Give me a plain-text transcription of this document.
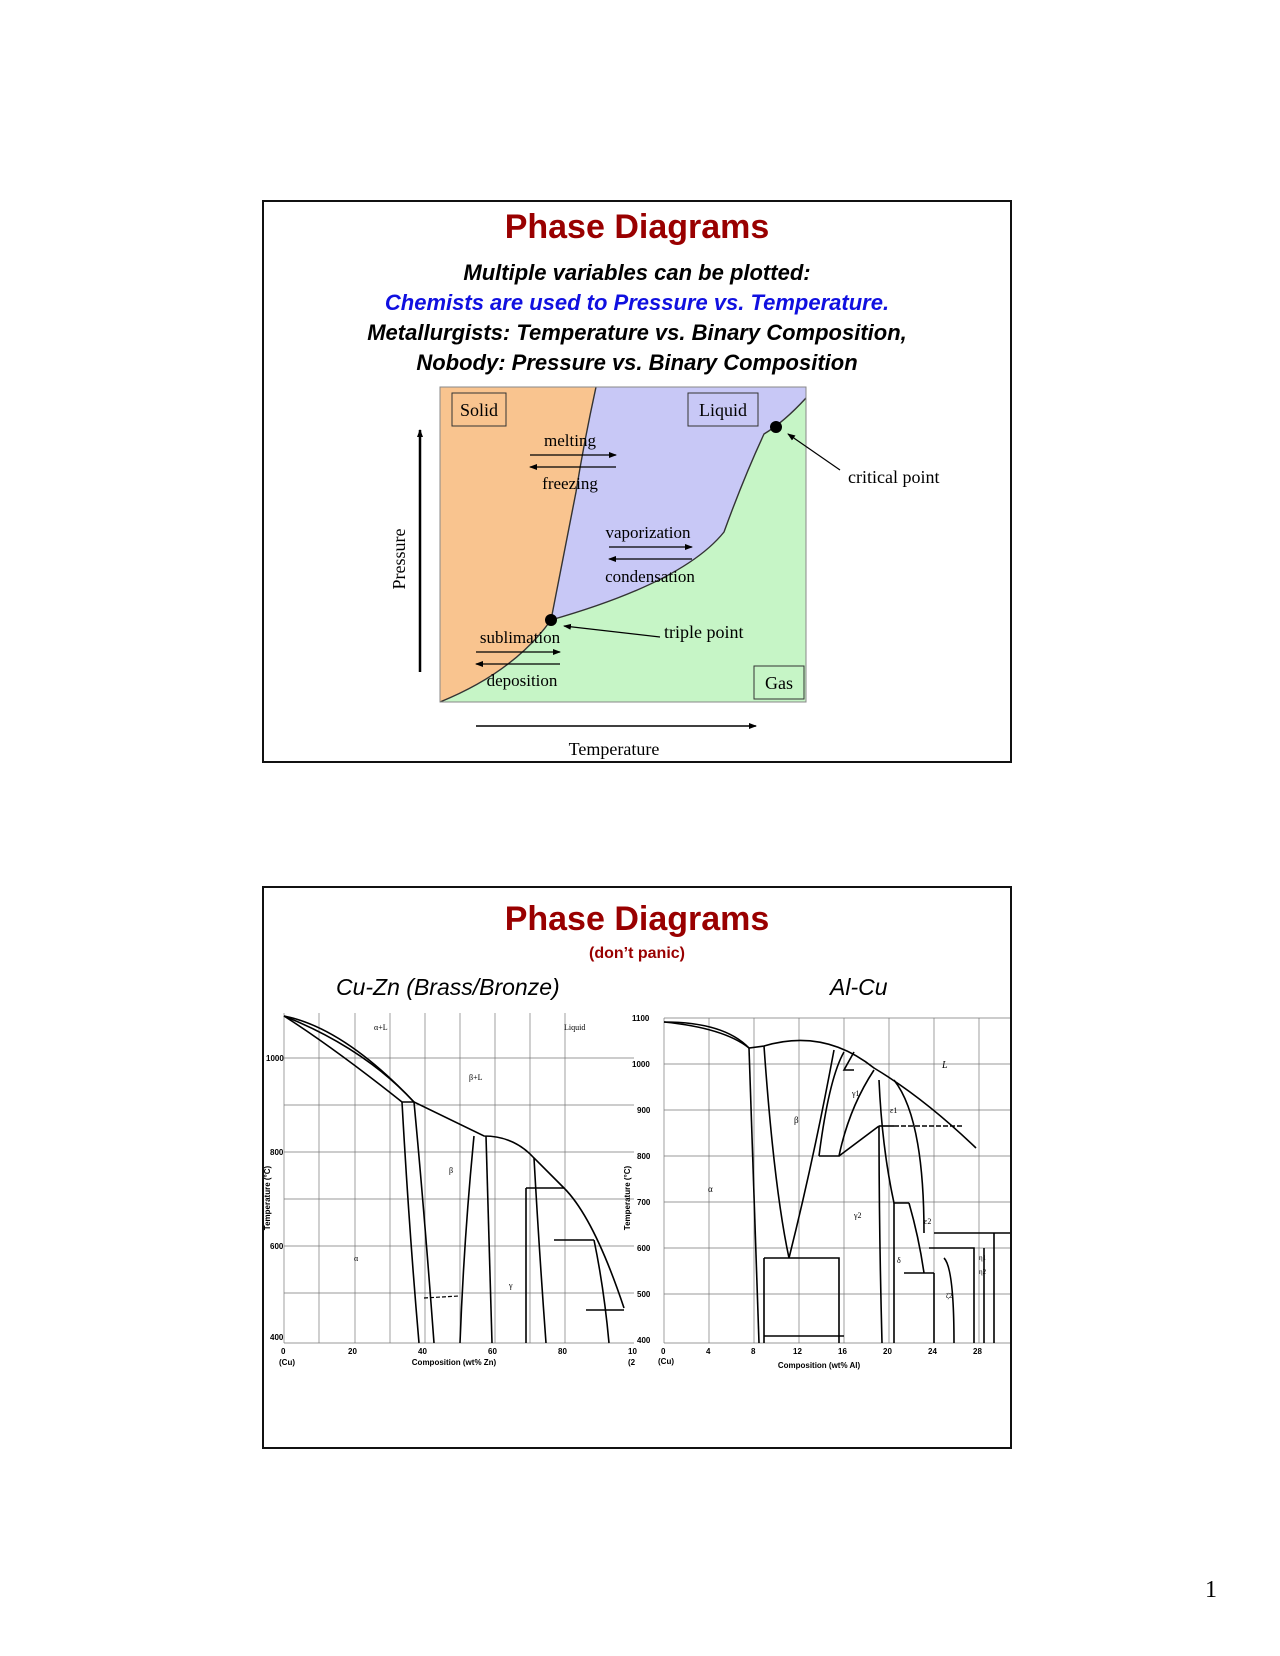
Phase Diagrams
Multiple variables can be plotted:
Chemists are used to Pressure vs. Temperature.
Metallurgists: Temperature vs. Binary Composition,
Nobody: Pressure vs. Binary Composition
Solid	Liquid
Gas
melting
freezing
vaporization
condensation
sublimation
deposition
triple point
critical point
Pressure
Temperature
Phase Diagrams
(don’t panic)
Cu-Zn (Brass/Bronze)	Al-Cu
1000
800
600
400
0	20	40	60	80	10
(Cu)	(2
Composition (wt% Zn)
Temperature (°C)
Liquid
α+L
β+L
α
β
γ
1100
1000
900
800
700
600
500
400
0	4	8	12	16	20	24	28
(Cu)	Composition (wt% Al)
Temperature (°C)
L
α
β
γ1
γ2
ε1
ε2
δ	η1
η2
ζ2
1
